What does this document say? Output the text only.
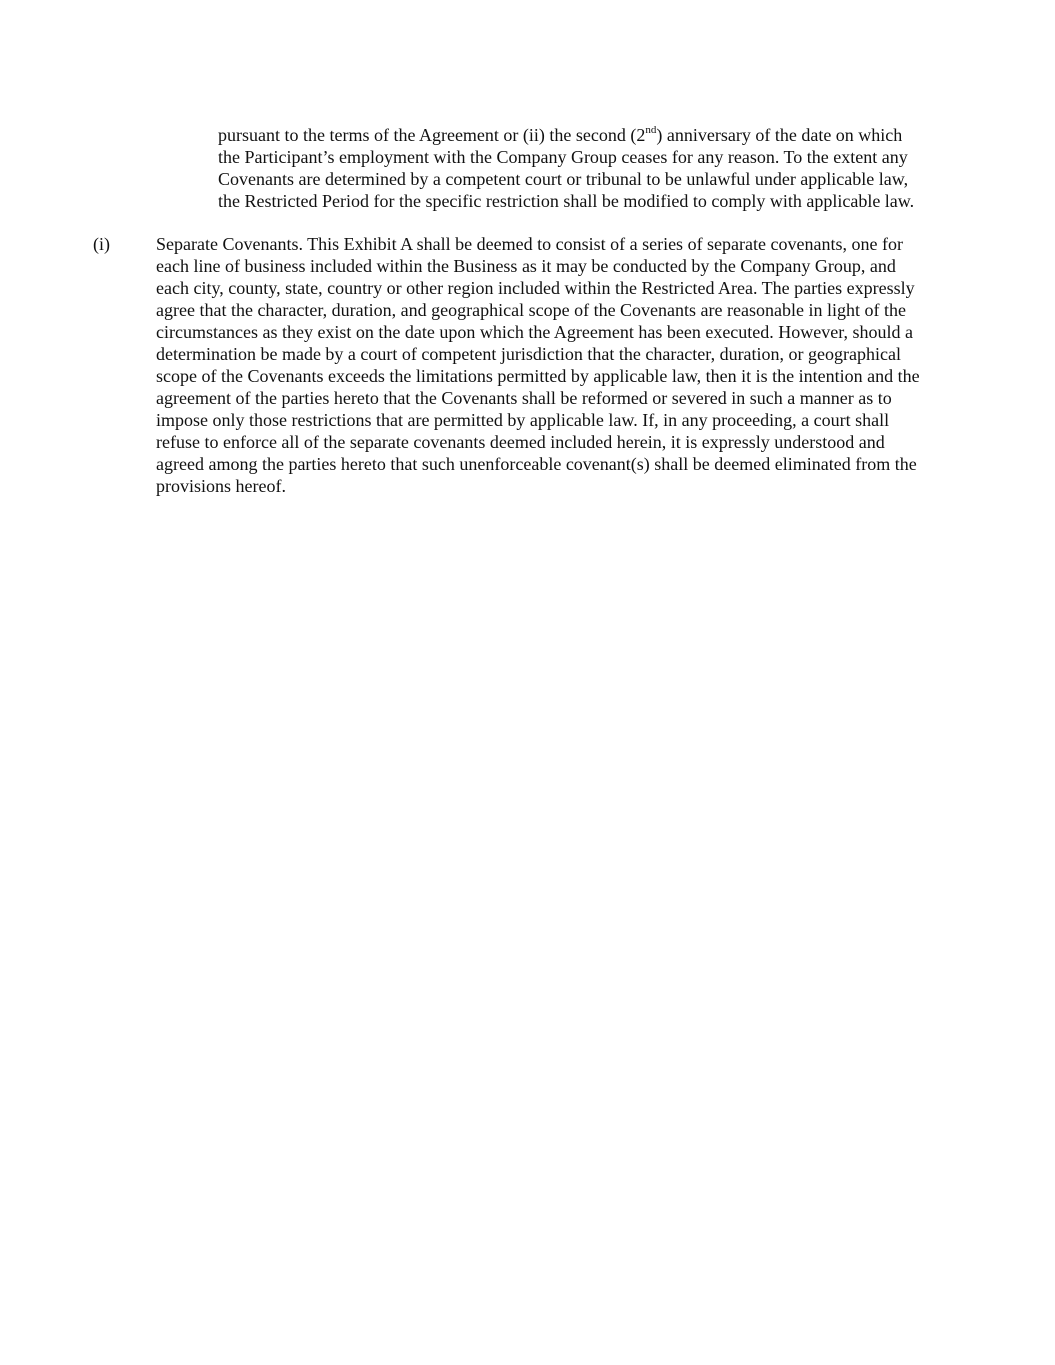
pursuant to the terms of the Agreement or (ii) the second (2nd) anniversary of the date on which
the Participant’s employment with the Company Group ceases for any reason. To the extent any
Covenants are determined by a competent court or tribunal to be unlawful under applicable law,
the Restricted Period for the specific restriction shall be modified to comply with applicable law.

(i)	Separate Covenants. This Exhibit A shall be deemed to consist of a series of separate covenants, one for
each line of business included within the Business as it may be conducted by the Company Group, and
each city, county, state, country or other region included within the Restricted Area. The parties expressly
agree that the character, duration, and geographical scope of the Covenants are reasonable in light of the
circumstances as they exist on the date upon which the Agreement has been executed. However, should a
determination be made by a court of competent jurisdiction that the character, duration, or geographical
scope of the Covenants exceeds the limitations permitted by applicable law, then it is the intention and the
agreement of the parties hereto that the Covenants shall be reformed or severed in such a manner as to
impose only those restrictions that are permitted by applicable law. If, in any proceeding, a court shall
refuse to enforce all of the separate covenants deemed included herein, it is expressly understood and
agreed among the parties hereto that such unenforceable covenant(s) shall be deemed eliminated from the
provisions hereof.
